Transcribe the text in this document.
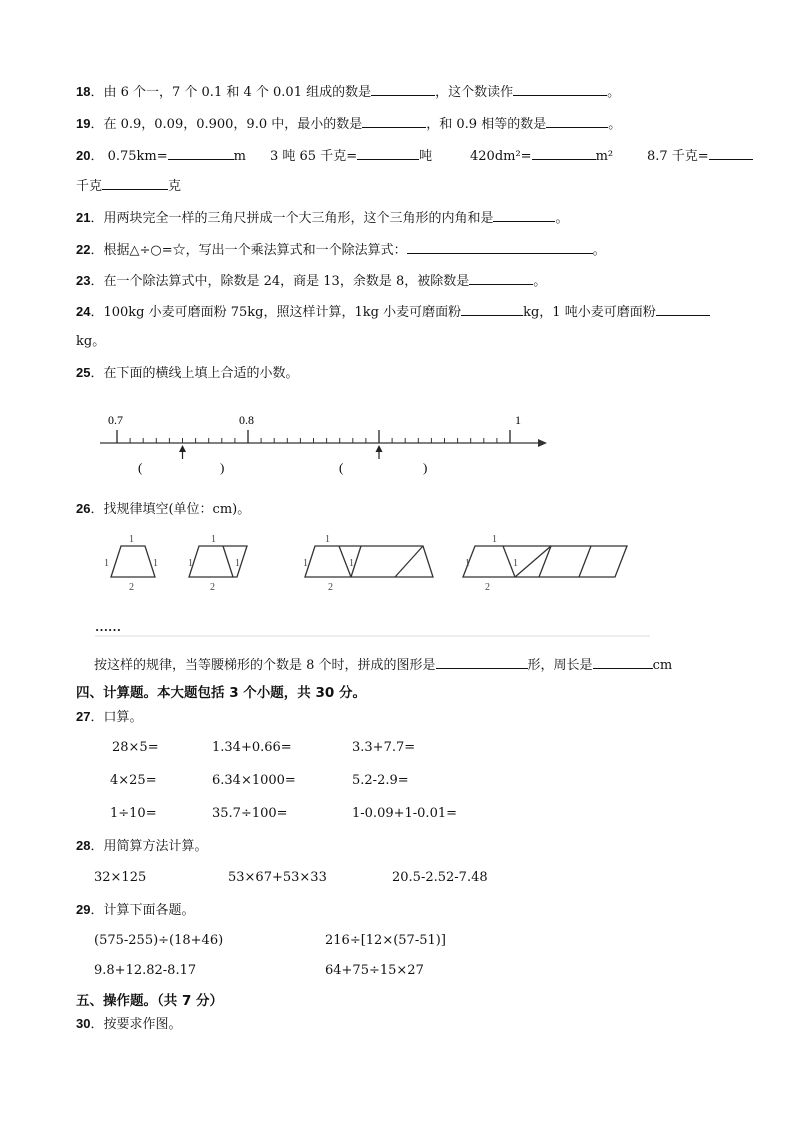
18．由 6 个一，7 个 0.1 和 4 个 0.01 组成的数是	，这个数读作	。
19．在 0.9，0.09，0.900，9.0 中，最小的数是	，和 0.9 相等的数是	。
20． 0.75km=	m 3 吨 65 千克=	吨	420dm²=	m²	8.7 千克=
千克	克
21．用两块完全一样的三角尺拼成一个大三角形，这个三角形的内角和是	。
22．根据△÷○=☆，写出一个乘法算式和一个除法算式：	。
23．在一个除法算式中，除数是 24，商是 13，余数是 8，被除数是	。
24．100kg 小麦可磨面粉 75kg，照这样计算，1kg 小麦可磨面粉	kg，1 吨小麦可磨面粉
kg。
25．在下面的横线上填上合适的小数。
0.7	0.8	1
(	)	(	)
26．找规律填空(单位：cm)。
1
1	1
2
1
1	1
2
1
1	1
2
1
1	1
2
……
按这样的规律，当等腰梯形的个数是 8 个时，拼成的图形是	形，周长是	cm
四、计算题。本大题包括 3 个小题，共 30 分。
27．口算。
28×5=	1.34+0.66=	3.3+7.7=
4×25=	6.34×1000=	5.2-2.9=
1÷10=	35.7÷100=	1-0.09+1-0.01=
28．用简算方法计算。
32×125	53×67+53×33	20.5-2.52-7.48
29．计算下面各题。
(575-255)÷(18+46)	216÷[12×(57-51)]
9.8+12.82-8.17	64+75÷15×27
五、操作题。（共 7 分）
30．按要求作图。
